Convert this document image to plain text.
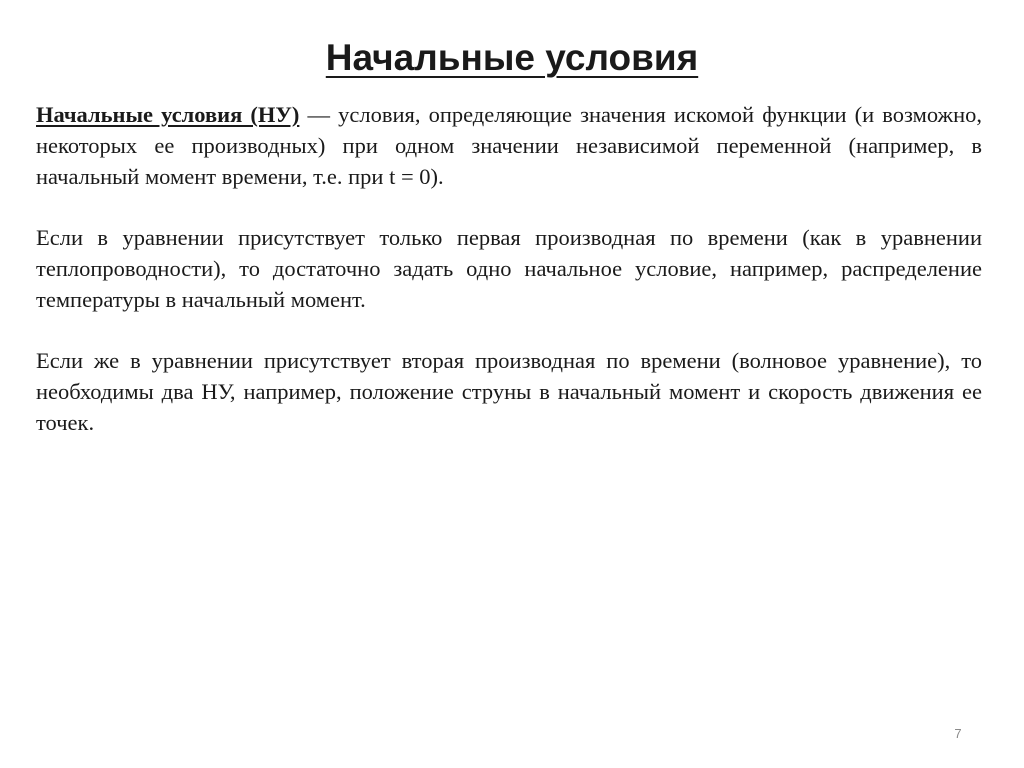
Начальные условия

Начальные условия (НУ) — условия, определяющие значения искомой функции (и возможно, некоторых ее производных) при одном значении независимой переменной (например, в начальный момент времени, т.е. при t = 0).

Если в уравнении присутствует только первая производная по времени (как в уравнении теплопроводности), то достаточно задать одно начальное условие, например, распределение температуры в начальный момент.

Если же в уравнении присутствует вторая производная по времени (волновое уравнение), то необходимы два НУ, например, положение струны в начальный момент и скорость движения ее точек.

7
